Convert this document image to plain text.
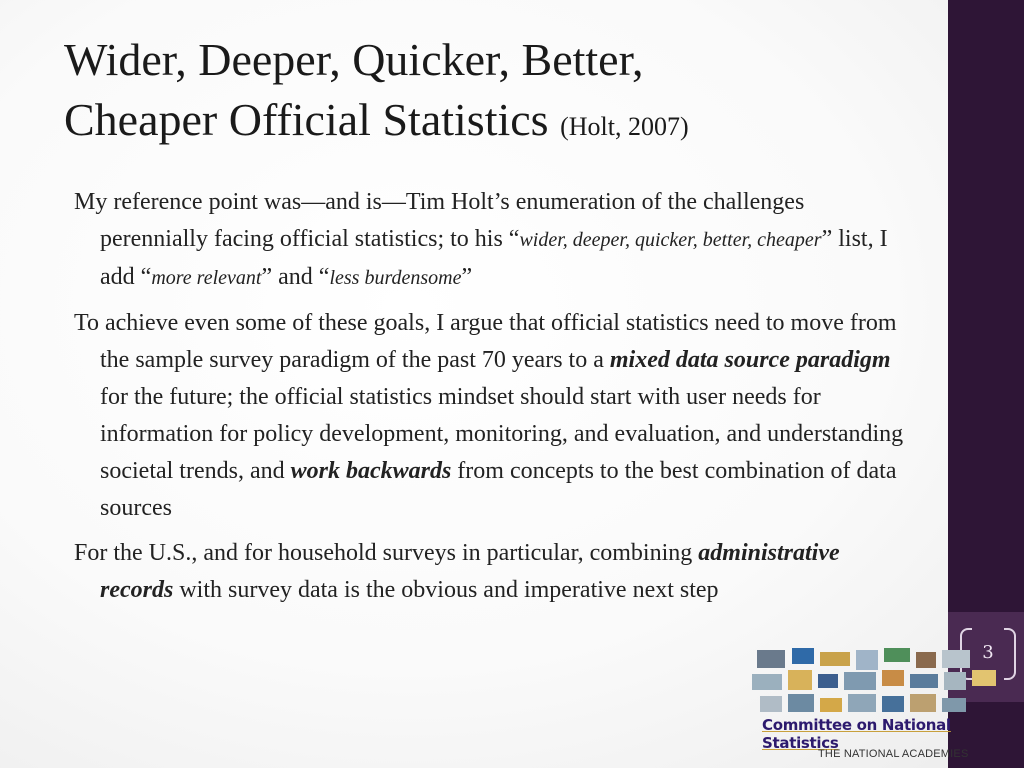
3
Wider, Deeper, Quicker, Better,
Cheaper Official Statistics (Holt, 2007)

My reference point was—and is—Tim Holt’s enumeration of the challenges perennially facing official statistics; to his “wider, deeper, quicker, better, cheaper” list, I add “more relevant” and “less burdensome”

To achieve even some of these goals, I argue that official statistics need to move from the sample survey paradigm of the past 70 years to a mixed data source paradigm for the future; the official statistics mindset should start with user needs for information for policy development, monitoring, and evaluation, and understanding societal trends, and work backwards from concepts to the best combination of data sources

For the U.S., and for household surveys in particular, combining administrative records with survey data is the obvious and imperative next step

Committee on National Statistics
THE NATIONAL ACADEMIES
